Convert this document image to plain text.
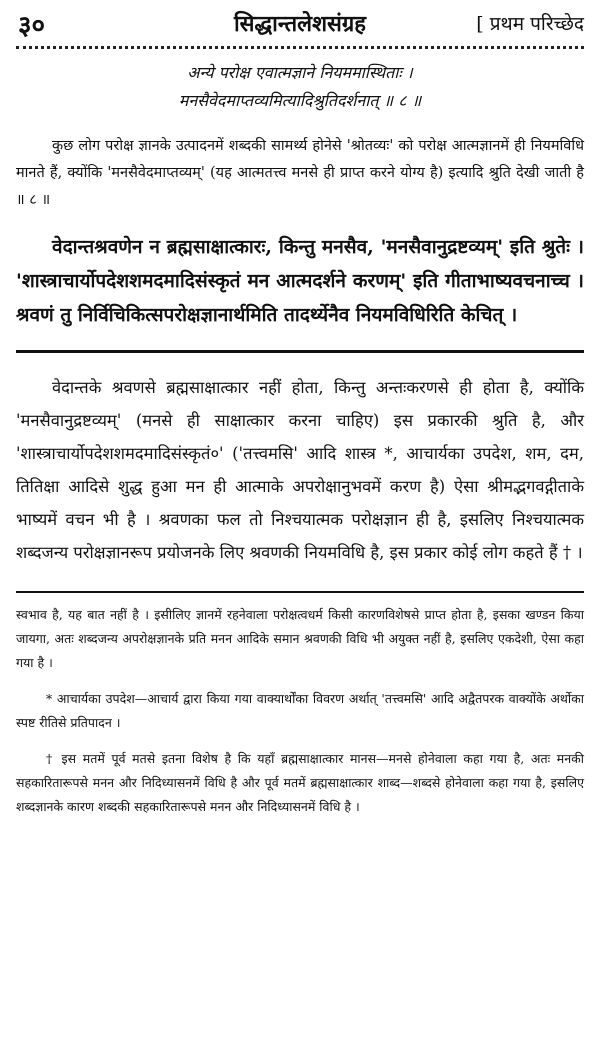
३०	सिद्धान्तलेशसंग्रह	[ प्रथम परिच्छेद
अन्ये परोक्ष एवात्मज्ञाने नियममास्थिताः ।
मनसैवेदमाप्तव्यमित्यादिश्रुतिदर्शनात् ॥ ८ ॥

कुछ लोग परोक्ष ज्ञानके उत्पादनमें शब्दकी सामर्थ्य होनेसे 'श्रोतव्यः' को परोक्ष आत्मज्ञानमें ही नियमविधि मानते हैं, क्योंकि 'मनसैवेदमाप्तव्यम्' (यह आत्मतत्त्व मनसे ही प्राप्त करने योग्य है) इत्यादि श्रुति देखी जाती है ॥ ८ ॥

वेदान्तश्रवणेन न ब्रह्मसाक्षात्कारः, किन्तु मनसैव, 'मनसैवानुद्रष्टव्यम्' इति श्रुतेः । 'शास्त्राचार्योपदेशशमदमादिसंस्कृतं मन आत्मदर्शने करणम्' इति गीताभाष्यवचनाच्च । श्रवणं तु निर्विचिकित्सपरोक्षज्ञानार्थमिति तादर्थ्येनैव नियमविधिरिति केचित् ।

वेदान्तके श्रवणसे ब्रह्मसाक्षात्कार नहीं होता, किन्तु अन्तःकरणसे ही होता है, क्योंकि 'मनसैवानुद्रष्टव्यम्' (मनसे ही साक्षात्कार करना चाहिए) इस प्रकारकी श्रुति है, और 'शास्त्राचार्योपदेशशमदमादिसंस्कृतं०' ('तत्त्वमसि' आदि शास्त्र *, आचार्यका उपदेश, शम, दम, तितिक्षा आदिसे शुद्ध हुआ मन ही आत्माके अपरोक्षानुभवमें करण है) ऐसा श्रीमद्भगवद्गीताके भाष्यमें वचन भी है । श्रवणका फल तो निश्चयात्मक परोक्षज्ञान ही है, इसलिए निश्चयात्मक शब्दजन्य परोक्षज्ञानरूप प्रयोजनके लिए श्रवणकी नियमविधि है, इस प्रकार कोई लोग कहते हैं † ।

स्वभाव है, यह बात नहीं है । इसीलिए ज्ञानमें रहनेवाला परोक्षत्वधर्म किसी कारणविशेषसे प्राप्त होता है, इसका खण्डन किया जायगा, अतः शब्दजन्य अपरोक्षज्ञानके प्रति मनन आदिके समान श्रवणकी विधि भी अयुक्त नहीं है, इसलिए एकदेशी, ऐसा कहा गया है ।

* आचार्यका उपदेश—आचार्य द्वारा किया गया वाक्यार्थोंका विवरण अर्थात् 'तत्त्वमसि' आदि अद्वैतपरक वाक्योंके अर्थोका स्पष्ट रीतिसे प्रतिपादन ।

† इस मतमें पूर्व मतसे इतना विशेष है कि यहाँ ब्रह्मसाक्षात्कार मानस—मनसे होनेवाला कहा गया है, अतः मनकी सहकारितारूपसे मनन और निदिध्यासनमें विधि है और पूर्व मतमें ब्रह्मसाक्षात्कार शाब्द—शब्दसे होनेवाला कहा गया है, इसलिए शब्दज्ञानके कारण शब्दकी सहकारितारूपसे मनन और निदिध्यासनमें विधि है ।
